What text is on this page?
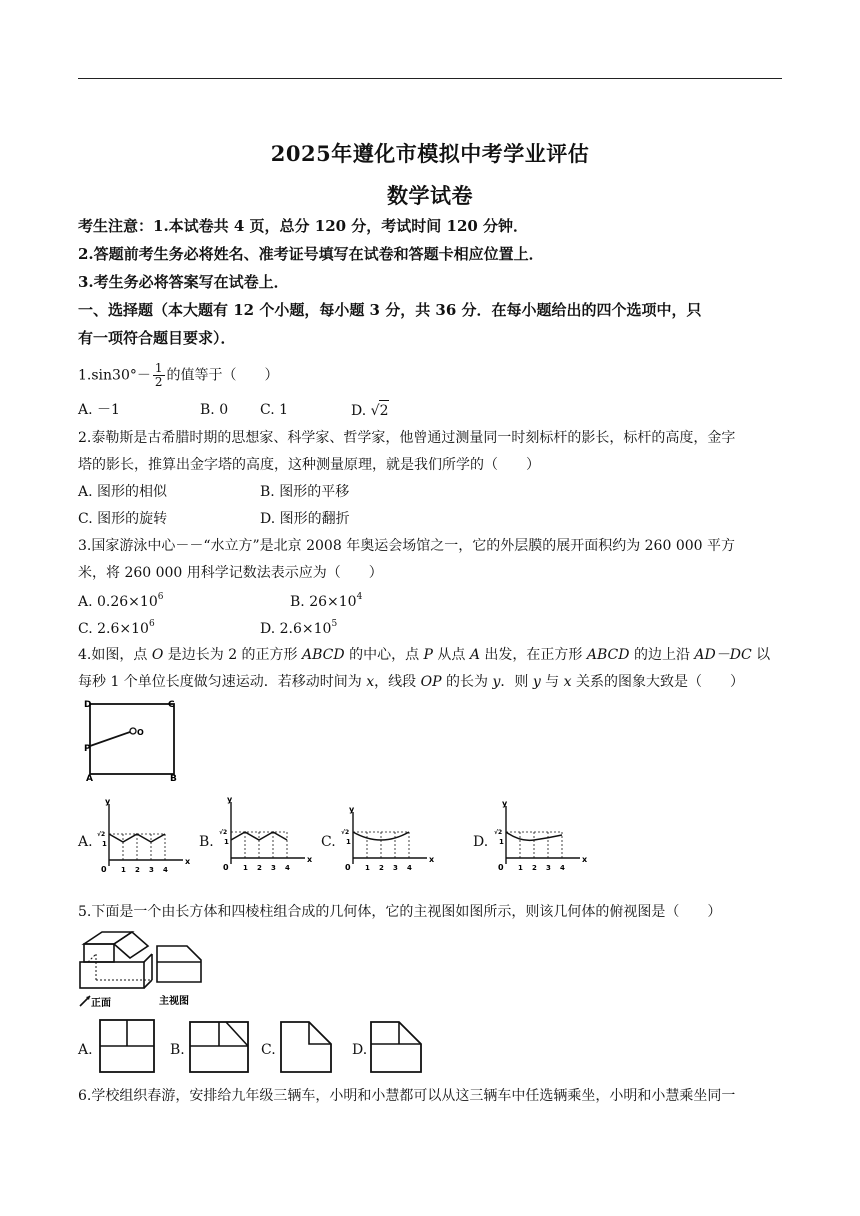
2025年遵化市模拟中考学业评估
数学试卷
考生注意：1.本试卷共 4 页，总分 120 分，考试时间 120 分钟．
2.答题前考生务必将姓名、准考证号填写在试卷和答题卡相应位置上．
3.考生务必将答案写在试卷上．
一、选择题（本大题有 12 个小题，每小题 3 分，共 36 分．在每小题给出的四个选项中，只
有一项符合题目要求）．
$1.\sin 30^\circ- \frac{1}{2}$ 的值等于（　　）
A. －1	B. 0 C. 1	D. √2
2.泰勒斯是古希腊时期的思想家、科学家、哲学家，他曾通过测量同一时刻标杆的影长，标杆的高度，金字
塔的影长，推算出金字塔的高度，这种测量原理，就是我们所学的（　　）
A. 图形的相似	B. 图形的平移
C. 图形的旋转	D. 图形的翻折
3.国家游泳中心－－“水立方”是北京 2008 年奥运会场馆之一，它的外层膜的展开面积约为 260 000 平方
米，将 260 000 用科学记数法表示应为（　　）
A. $0.26\times 10^6$	B. $26\times 10^4$
C. $2.6\times 10^6$	D. $2.6\times 10^5$
4.如图，点 O 是边长为 2 的正方形 ABCD 的中心，点 P 从点 A 出发，在正方形 ABCD 的边上沿 AD－DC 以
每秒 1 个单位长度做匀速运动．若移动时间为 x，线段 OP 的长为 y．则 y 与 x 关系的图象大致是（　　）
D	C
P
O
A	B
A.	B.	C.	D.
y
x
0
√2
1
1 2 3 4
y
x
0
√2
1
1 2 3 4
y
x
0
√2
1
1 2 3 4
y
x
0
√2
1
1 2 3 4
5.下面是一个由长方体和四棱柱组合成的几何体，它的主视图如图所示，则该几何体的俯视图是（　　）
正面	主视图
A.	B.	C.	D.
6.学校组织春游，安排给九年级三辆车，小明和小慧都可以从这三辆车中任选辆乘坐，小明和小慧乘坐同一
